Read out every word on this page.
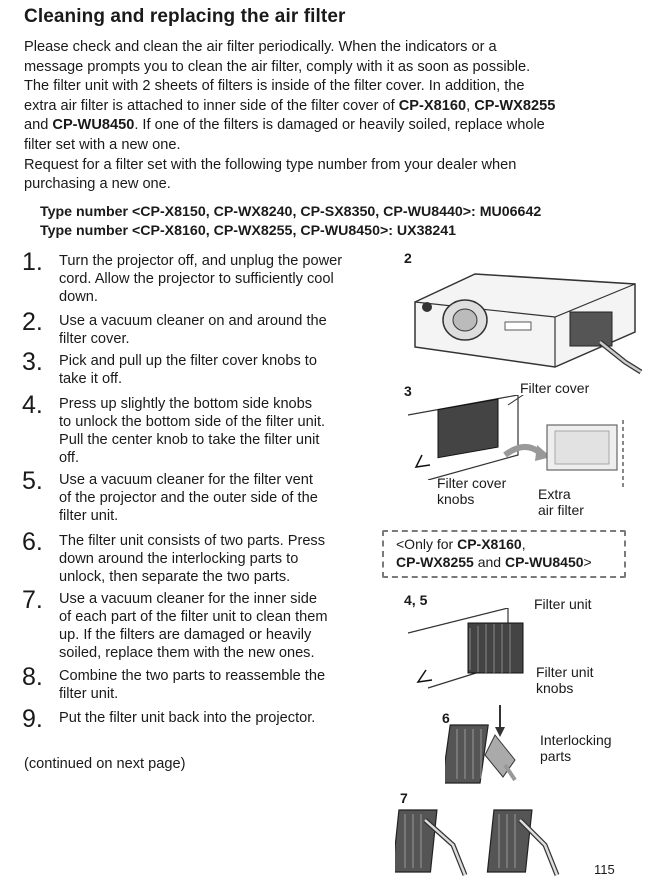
Cleaning and replacing the air filter
Please check and clean the air filter periodically. When the indicators or a
message prompts you to clean the air filter, comply with it as soon as possible.
The filter unit with 2 sheets of filters is inside of the filter cover. In addition, the
extra air filter is attached to inner side of the filter cover of CP-X8160, CP-WX8255
and CP-WU8450. If one of the filters is damaged or heavily soiled, replace whole
filter set with a new one.
Request for a filter set with the following type number from your dealer when
purchasing a new one.
Type number <CP-X8150, CP-WX8240, CP-SX8350, CP-WU8440>: MU06642
Type number <CP-X8160, CP-WX8255, CP-WU8450>: UX38241
1. Turn the projector off, and unplug the power
cord. Allow the projector to sufficiently cool
down.
2. Use a vacuum cleaner on and around the
filter cover.
3. Pick and pull up the filter cover knobs to
take it off.
4. Press up slightly the bottom side knobs
to unlock the bottom side of the filter unit.
Pull the center knob to take the filter unit
off.
5. Use a vacuum cleaner for the filter vent
of the projector and the outer side of the
filter unit.
6. The filter unit consists of two parts. Press
down around the interlocking parts to
unlock, then separate the two parts.
7. Use a vacuum cleaner for the inner side
of each part of the filter unit to clean them
up. If the filters are damaged or heavily
soiled, replace them with the new ones.
8. Combine the two parts to reassemble the
filter unit.
9. Put the filter unit back into the projector.
(continued on next page)
2
3	Filter cover
Filter cover
knobs	Extra
air filter
<Only for CP-X8160,
CP-WX8255 and CP-WU8450>
4, 5	Filter unit
Filter unit
knobs
6
Interlocking
parts
7
115
